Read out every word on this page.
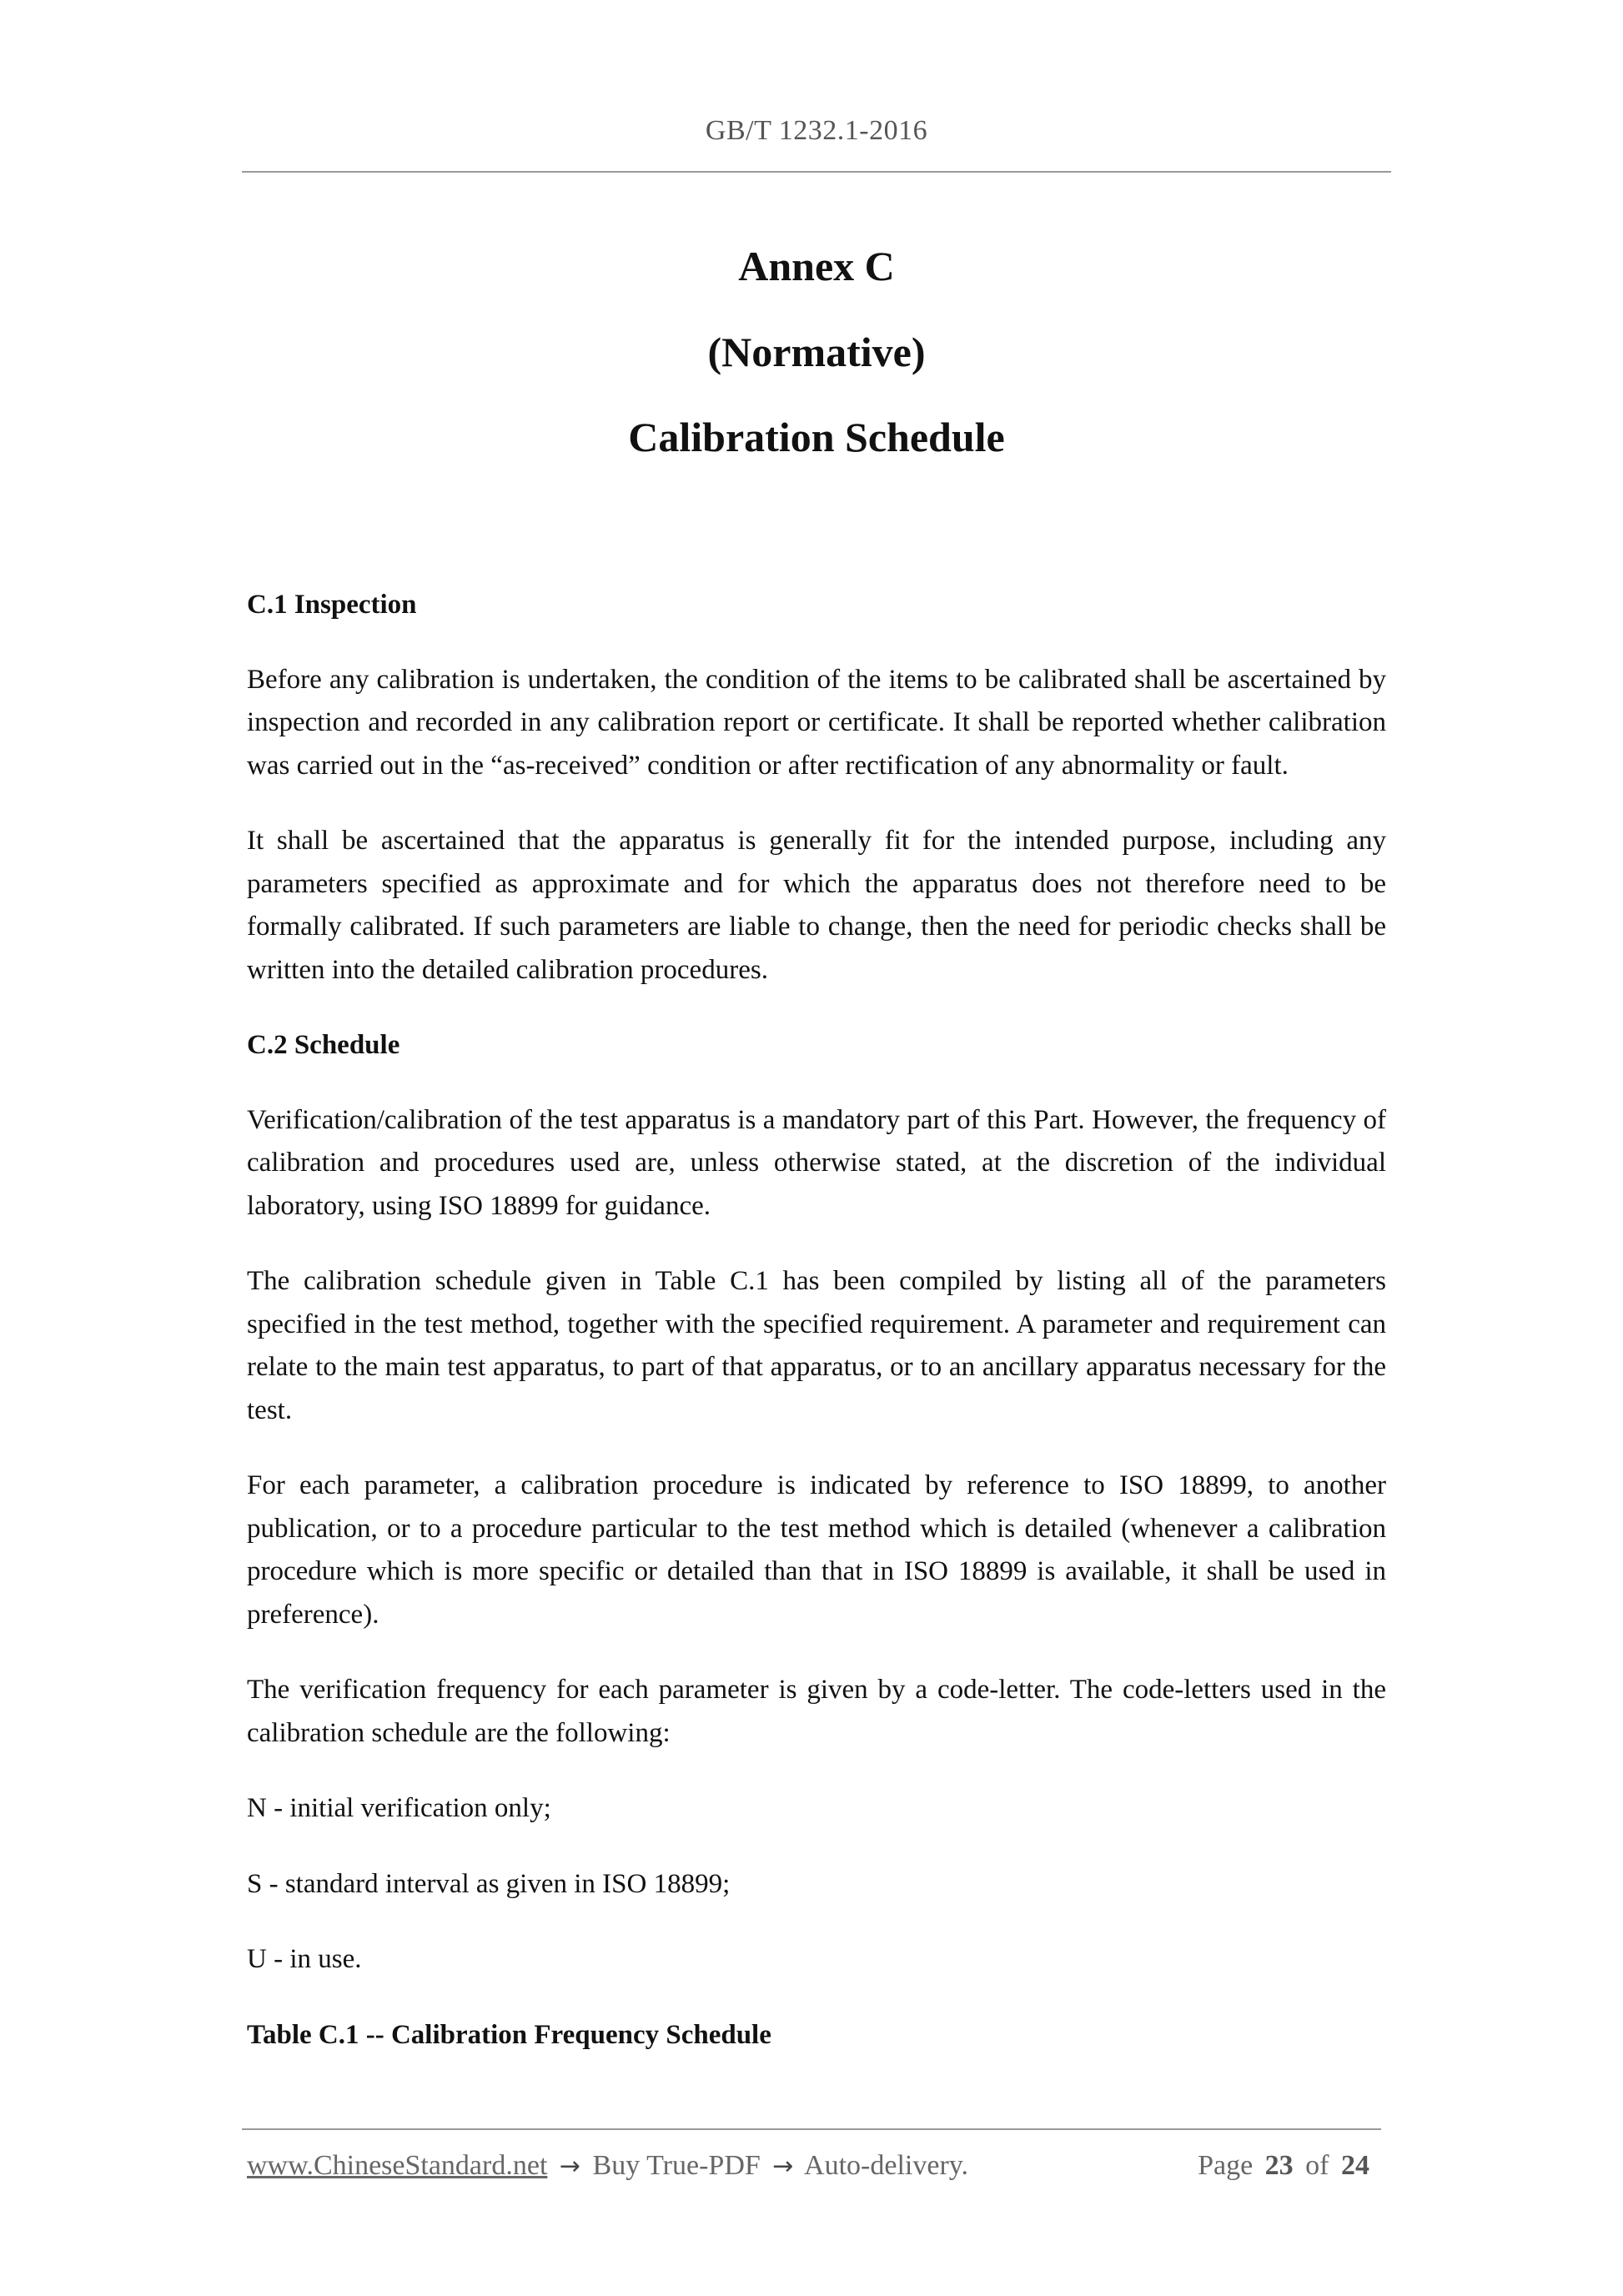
GB/T 1232.1-2016
Annex C
(Normative)
Calibration Schedule
C.1 Inspection

Before any calibration is undertaken, the condition of the items to be calibrated shall be ascertained by inspection and recorded in any calibration report or certificate. It shall be reported whether calibration was carried out in the “as-received” condition or after rectification of any abnormality or fault.

It shall be ascertained that the apparatus is generally fit for the intended purpose, including any parameters specified as approximate and for which the apparatus does not therefore need to be formally calibrated. If such parameters are liable to change, then the need for periodic checks shall be written into the detailed calibration procedures.

C.2 Schedule

Verification/calibration of the test apparatus is a mandatory part of this Part. However, the frequency of calibration and procedures used are, unless otherwise stated, at the discretion of the individual laboratory, using ISO 18899 for guidance.

The calibration schedule given in Table C.1 has been compiled by listing all of the parameters specified in the test method, together with the specified requirement. A parameter and requirement can relate to the main test apparatus, to part of that apparatus, or to an ancillary apparatus necessary for the test.

For each parameter, a calibration procedure is indicated by reference to ISO 18899, to another publication, or to a procedure particular to the test method which is detailed (whenever a calibration procedure which is more specific or detailed than that in ISO 18899 is available, it shall be used in preference).

The verification frequency for each parameter is given by a code-letter. The code-letters used in the calibration schedule are the following:

N - initial verification only;

S - standard interval as given in ISO 18899;

U - in use.

Table C.1 -- Calibration Frequency Schedule

www.ChineseStandard.net → Buy True-PDF → Auto-delivery.	Page 23 of 24
